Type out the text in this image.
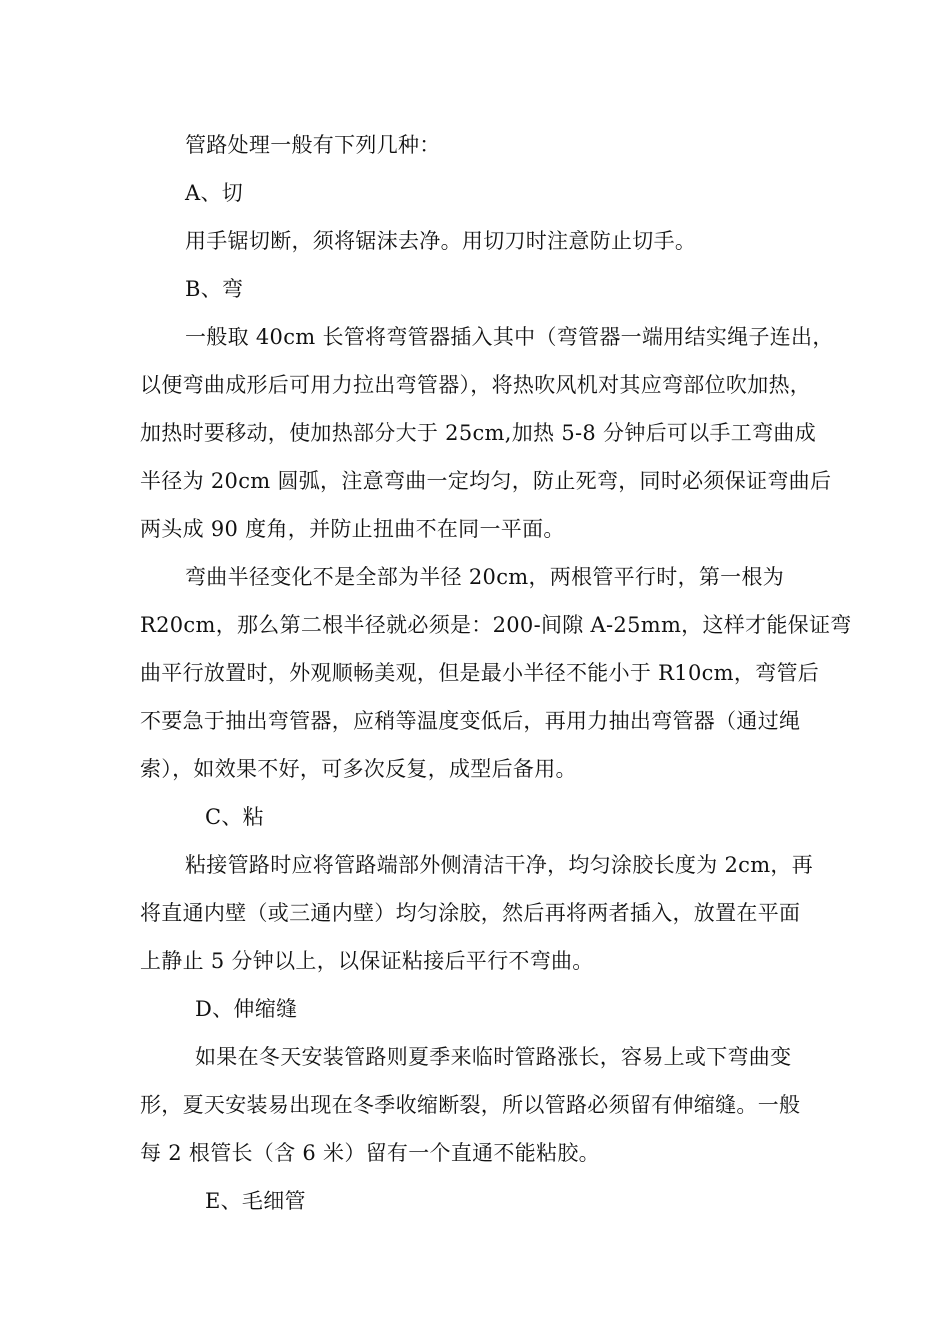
管路处理一般有下列几种：
A、切
用手锯切断，须将锯沫去净。用切刀时注意防止切手。
B、弯
一般取 40cm 长管将弯管器插入其中（弯管器一端用结实绳子连出，
以便弯曲成形后可用力拉出弯管器），将热吹风机对其应弯部位吹加热，
加热时要移动，使加热部分大于 25cm,加热 5-8 分钟后可以手工弯曲成
半径为 20cm 圆弧，注意弯曲一定均匀，防止死弯，同时必须保证弯曲后
两头成 90 度角，并防止扭曲不在同一平面。
弯曲半径变化不是全部为半径 20cm，两根管平行时，第一根为
R20cm，那么第二根半径就必须是：200-间隙 A-25mm，这样才能保证弯
曲平行放置时，外观顺畅美观，但是最小半径不能小于 R10cm，弯管后
不要急于抽出弯管器，应稍等温度变低后，再用力抽出弯管器（通过绳
索），如效果不好，可多次反复，成型后备用。
C、粘
粘接管路时应将管路端部外侧清洁干净，均匀涂胶长度为 2cm，再
将直通内壁（或三通内壁）均匀涂胶，然后再将两者插入，放置在平面
上静止 5 分钟以上，以保证粘接后平行不弯曲。
D、伸缩缝
如果在冬天安装管路则夏季来临时管路涨长，容易上或下弯曲变
形，夏天安装易出现在冬季收缩断裂，所以管路必须留有伸缩缝。一般
每 2 根管长（含 6 米）留有一个直通不能粘胶。
E、毛细管
